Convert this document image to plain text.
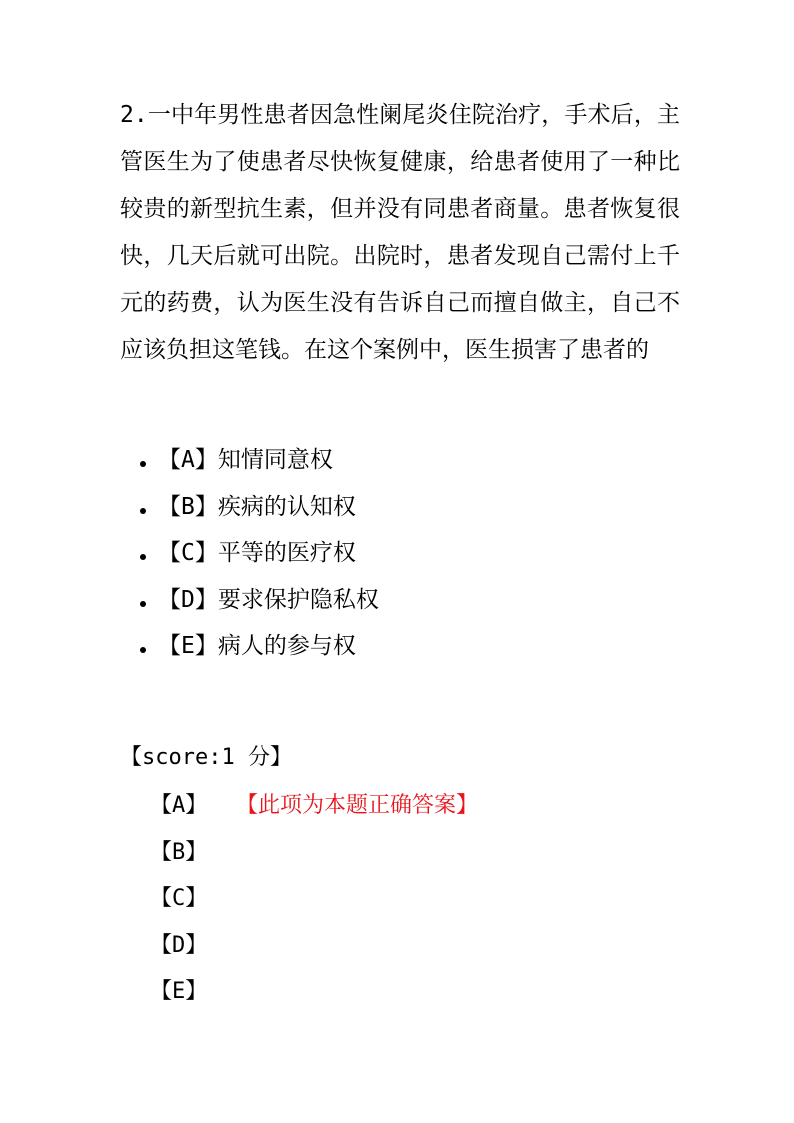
2.一中年男性患者因急性阑尾炎住院治疗，手术后，主管医生为了使患者尽快恢复健康，给患者使用了一种比较贵的新型抗生素，但并没有同患者商量。患者恢复很快，几天后就可出院。出院时，患者发现自己需付上千元的药费，认为医生没有告诉自己而擅自做主，自己不应该负担这笔钱。在这个案例中，医生损害了患者的

【A】知情同意权
【B】疾病的认知权
【C】平等的医疗权
【D】要求保护隐私权
【E】病人的参与权
【score:1 分】
【A】	【此项为本题正确答案】
【B】
【C】
【D】
【E】
